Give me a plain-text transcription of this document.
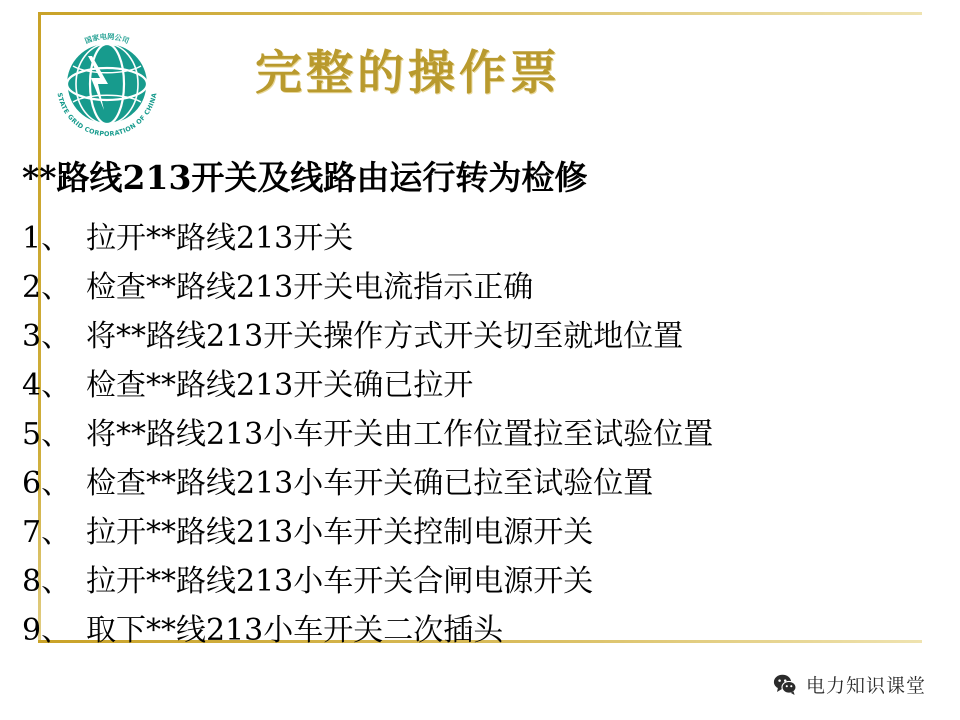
国家电网公司
STATE GRID CORPORATION OF CHINA 完整的操作票
**路线213开关及线路由运行转为检修
1、 拉开**路线213开关
2、 检查**路线213开关电流指示正确
3、 将**路线213开关操作方式开关切至就地位置
4、 检查**路线213开关确已拉开
5、 将**路线213小车开关由工作位置拉至试验位置
6、 检查**路线213小车开关确已拉至试验位置
7、 拉开**路线213小车开关控制电源开关
8、 拉开**路线213小车开关合闸电源开关
9、 取下**线213小车开关二次插头
电力知识课堂
